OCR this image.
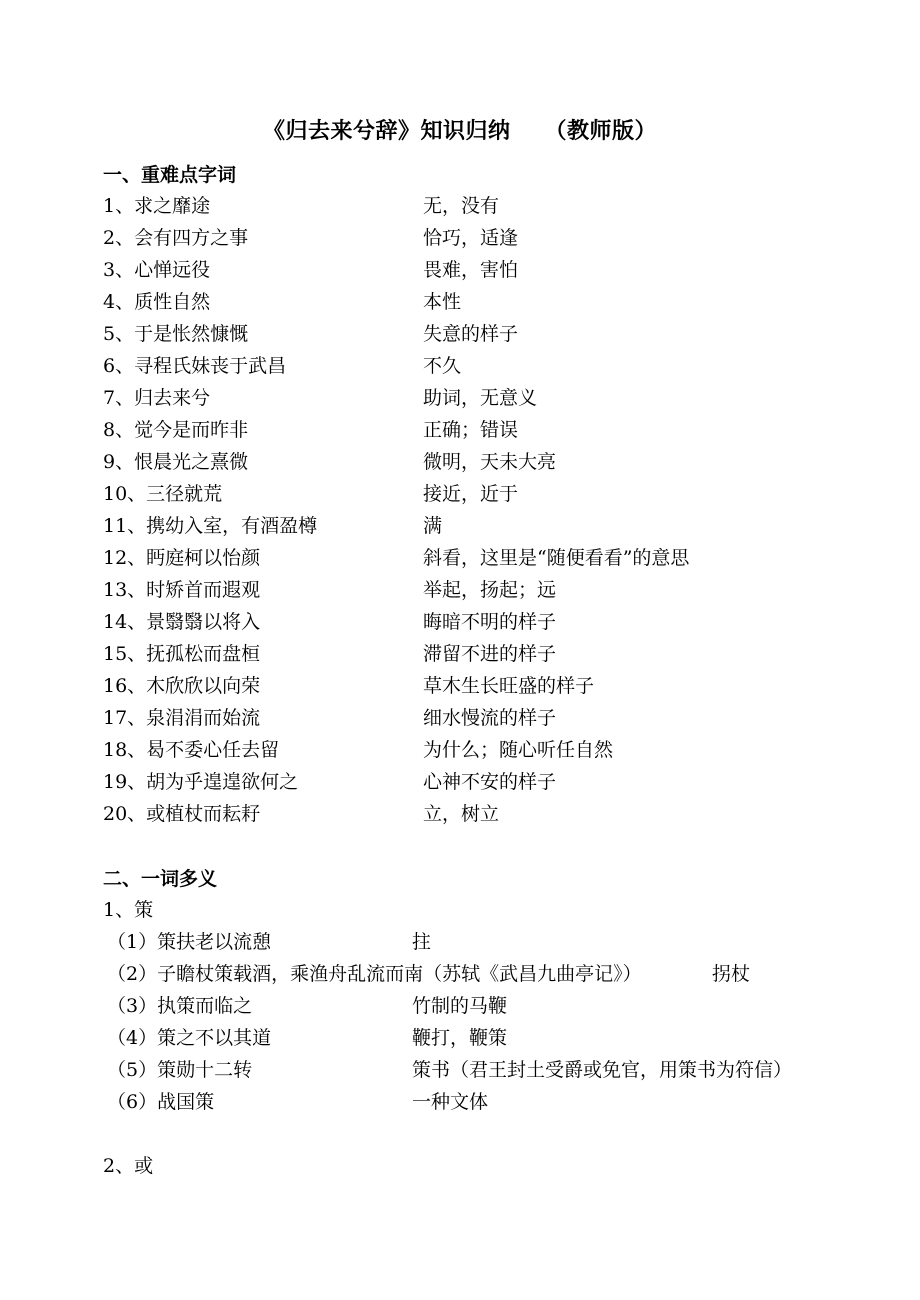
《归去来兮辞》知识归纳 （教师版）
一、重难点字词
1、求之靡途	无，没有
2、会有四方之事	恰巧，适逢
3、心惮远役	畏难，害怕
4、质性自然	本性
5、于是怅然慷慨	失意的样子
6、寻程氏妹丧于武昌	不久
7、归去来兮	助词，无意义
8、觉今是而昨非	正确；错误
9、恨晨光之熹微	微明，天未大亮
10、三径就荒	接近，近于
11、携幼入室，有酒盈樽	满
12、眄庭柯以怡颜	斜看，这里是“随便看看”的意思
13、时矫首而遐观	举起，扬起；远
14、景翳翳以将入	晦暗不明的样子
15、抚孤松而盘桓	滞留不进的样子
16、木欣欣以向荣	草木生长旺盛的样子
17、泉涓涓而始流	细水慢流的样子
18、曷不委心任去留	为什么；随心听任自然
19、胡为乎遑遑欲何之	心神不安的样子
20、或植杖而耘耔	立，树立
二、一词多义
1、策
（1）策扶老以流憩	拄
（2）子瞻杖策载酒，乘渔舟乱流而南（苏轼《武昌九曲亭记》）	拐杖
（3）执策而临之	竹制的马鞭
（4）策之不以其道	鞭打，鞭策
（5）策勋十二转	策书（君王封土受爵或免官，用策书为符信）
（6）战国策	一种文体
2、或
